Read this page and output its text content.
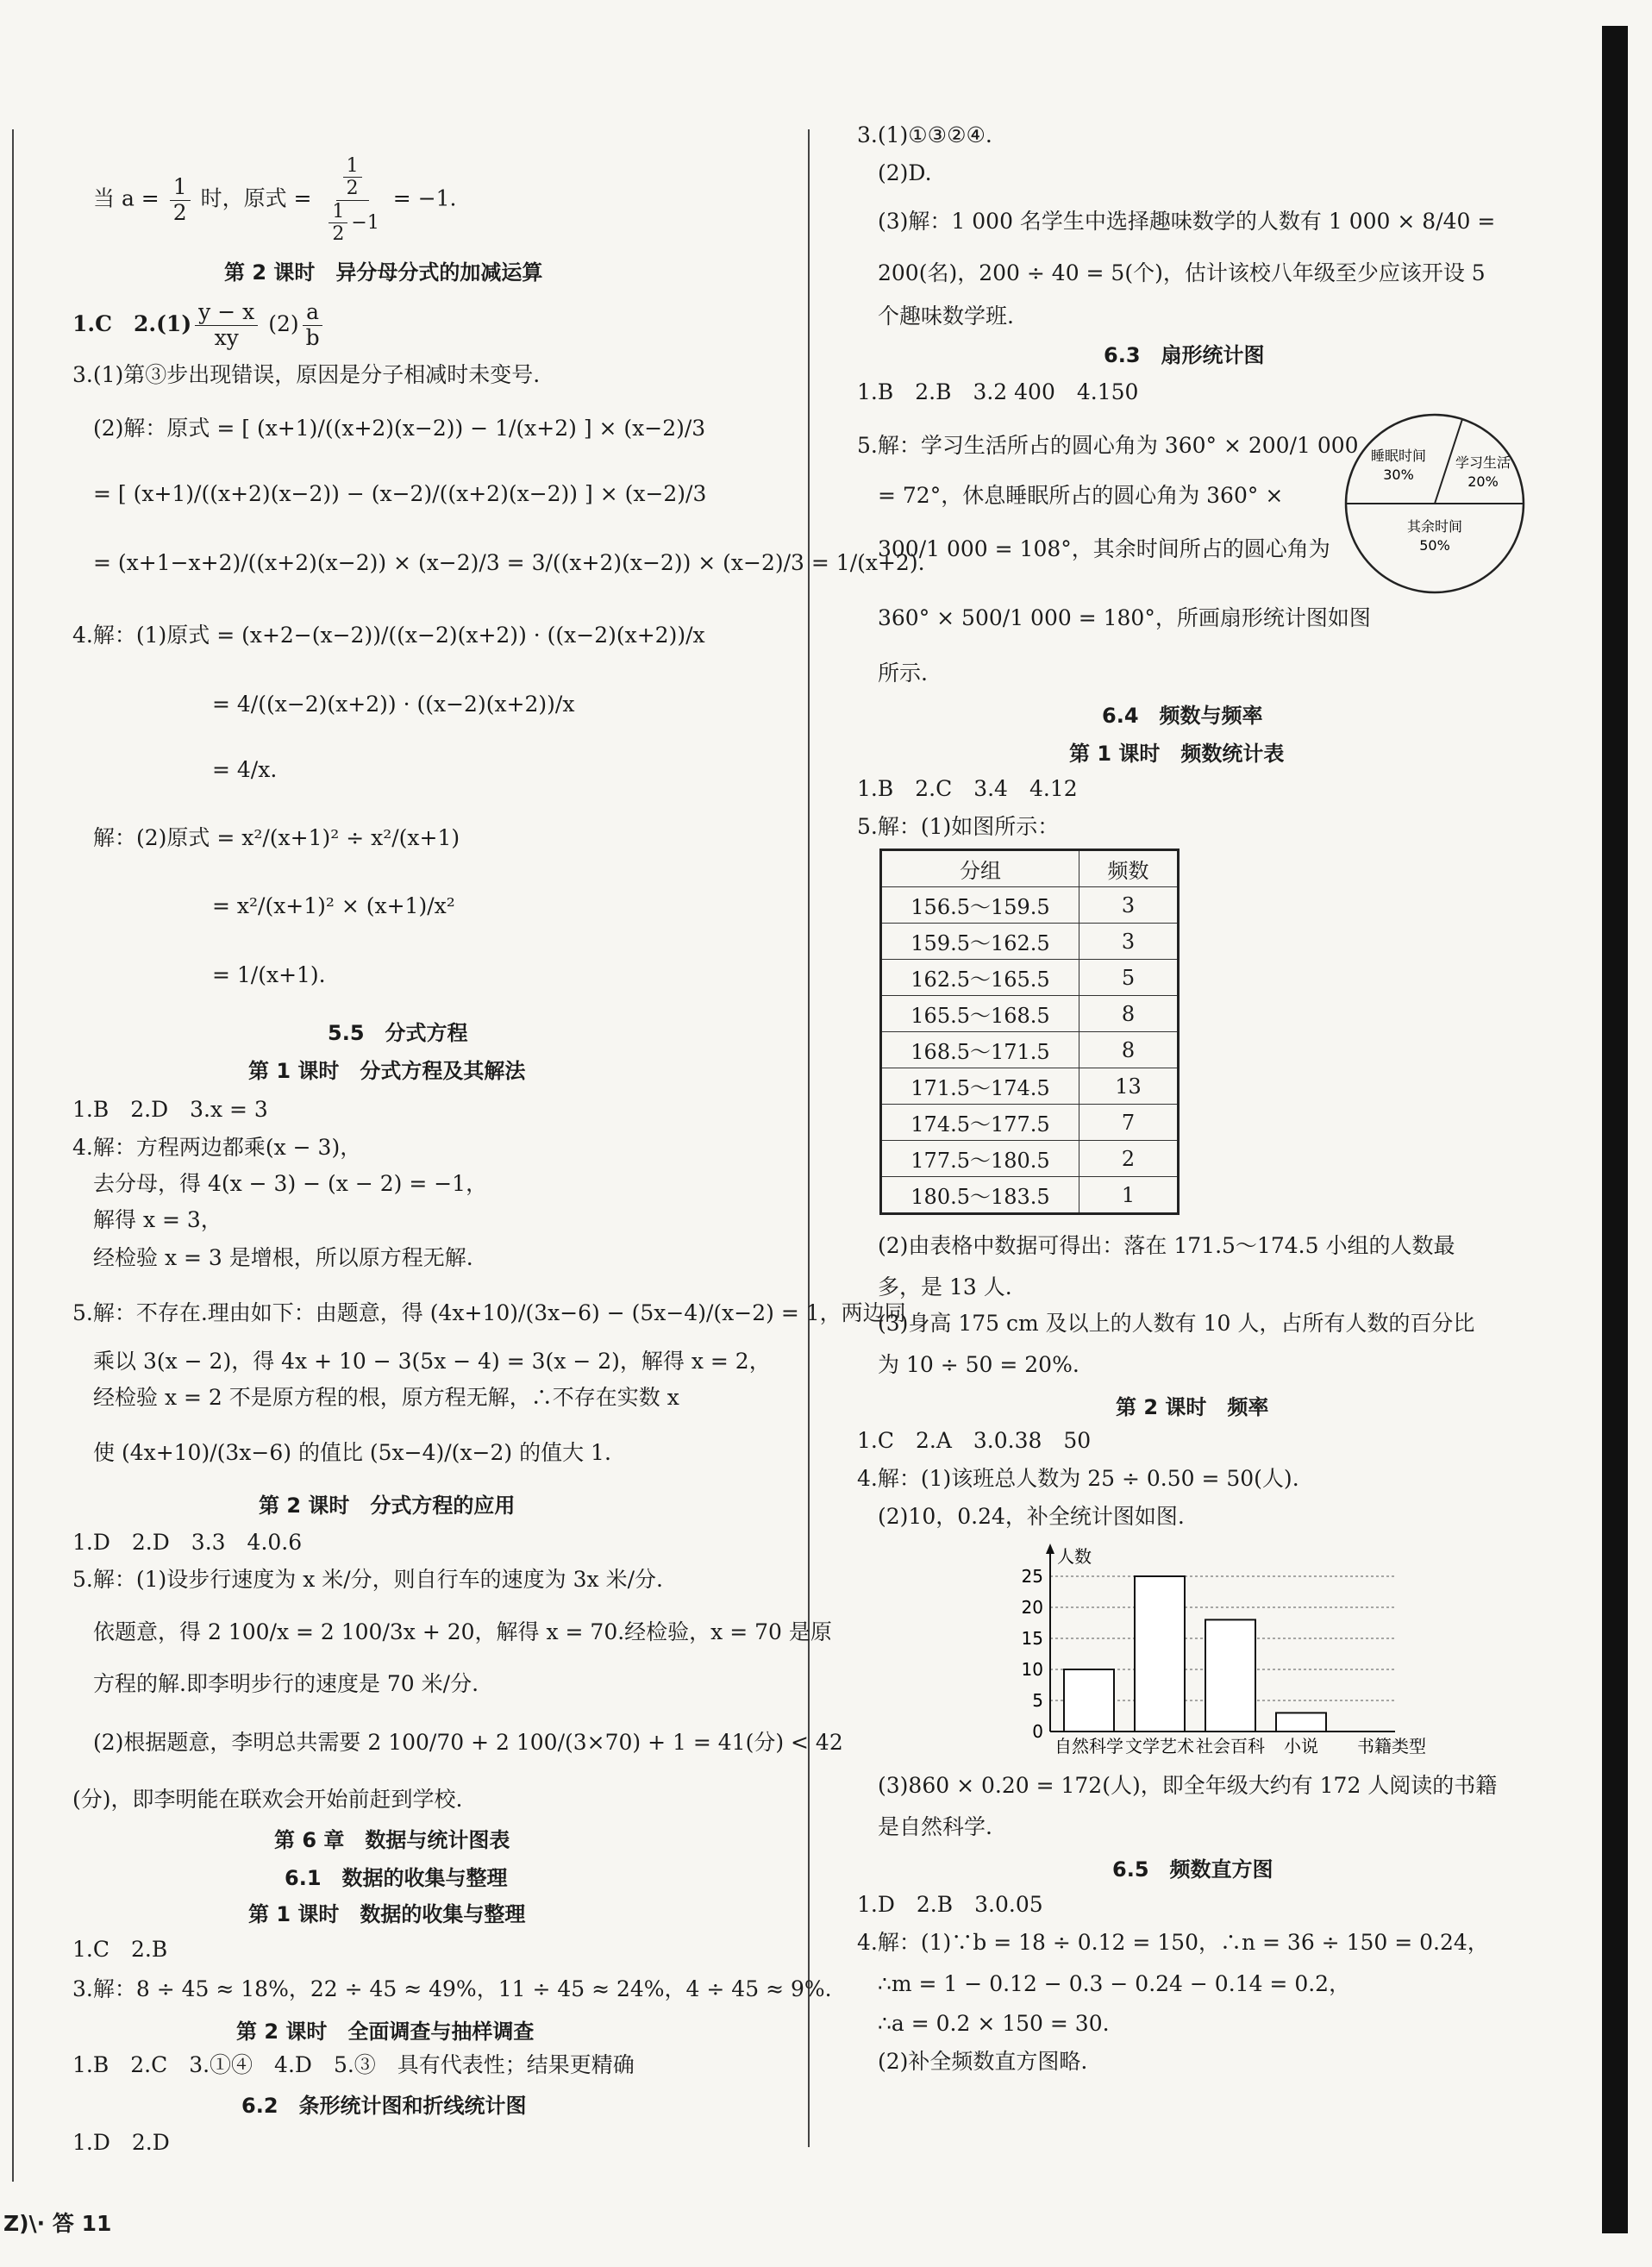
当 $a = \frac{1}{2}$ 时，原式 = $\frac{\frac{1}{2}}{\frac{1}{2} -1} = -1$.
第 2 课时　异分母分式的加减运算
1.C　$2.(1) \frac{y - x}{xy} (2) \frac{a}{b}$
3.(1)第③步出现错误，原因是分子相减时未变号.
(2)解：原式 = [ (x+1)/((x+2)(x−2)) − 1/(x+2) ] × (x−2)/3
= [ (x+1)/((x+2)(x−2)) − (x−2)/((x+2)(x−2)) ] × (x−2)/3
= (x+1−x+2)/((x+2)(x−2)) × (x−2)/3 = 3/((x+2)(x−2)) × (x−2)/3 = 1/(x+2).
4.解：(1)原式 = (x+2−(x−2))/((x−2)(x+2)) · ((x−2)(x+2))/x
= 4/((x−2)(x+2)) · ((x−2)(x+2))/x
= 4/x.
解：(2)原式 = x²/(x+1)² ÷ x²/(x+1)
= x²/(x+1)² × (x+1)/x²
= 1/(x+1).
5.5　分式方程
第 1 课时　分式方程及其解法
1.B　2.D　3.x = 3
4.解：方程两边都乘(x − 3)，
去分母，得 4(x − 3) − (x − 2) = −1，
解得 x = 3，
经检验 x = 3 是增根，所以原方程无解.
5.解：不存在.理由如下：由题意，得 (4x+10)/(3x−6) − (5x−4)/(x−2) = 1，两边同
乘以 3(x − 2)，得 4x + 10 − 3(5x − 4) = 3(x − 2)，解得 x = 2，
经检验 x = 2 不是原方程的根，原方程无解，∴不存在实数 x
使 (4x+10)/(3x−6) 的值比 (5x−4)/(x−2) 的值大 1.
第 2 课时　分式方程的应用
1.D　2.D　3.3　4.0.6
5.解：(1)设步行速度为 x 米/分，则自行车的速度为 3x 米/分.
依题意，得 2 100/x = 2 100/3x + 20，解得 x = 70.经检验，x = 70 是原
方程的解.即李明步行的速度是 70 米/分.
(2)根据题意，李明总共需要 2 100/70 + 2 100/(3×70) + 1 = 41(分) < 42
(分)，即李明能在联欢会开始前赶到学校.
第 6 章　数据与统计图表
6.1　数据的收集与整理
第 1 课时　数据的收集与整理
1.C　2.B
3.解：8 ÷ 45 ≈ 18%，22 ÷ 45 ≈ 49%，11 ÷ 45 ≈ 24%，4 ÷ 45 ≈ 9%.
第 2 课时　全面调查与抽样调查
1.B　2.C　3.①④　4.D　5.③　具有代表性；结果更精确
6.2　条形统计图和折线统计图
1.D　2.D
Z)\· 答 11
3.(1)①③②④.
(2)D.
(3)解：1 000 名学生中选择趣味数学的人数有 1 000 × 8/40 =
200(名)，200 ÷ 40 = 5(个)，估计该校八年级至少应该开设 5
个趣味数学班.
6.3　扇形统计图
1.B　2.B　3.2 400　4.150
5.解：学习生活所占的圆心角为 360° × 200/1 000
= 72°，休息睡眠所占的圆心角为 360° ×
300/1 000 = 108°，其余时间所占的圆心角为
360° × 500/1 000 = 180°，所画扇形统计图如图
所示.
睡眠时间
30%
学习生活
20%
其余时间
50%
6.4　频数与频率
第 1 课时　频数统计表
1.B　2.C　3.4　4.12
5.解：(1)如图所示：
分组	频数
156.5～159.5	3
159.5～162.5	3
162.5～165.5	5
165.5～168.5	8
168.5～171.5	8
171.5～174.5	13
174.5～177.5	7
177.5～180.5	2
180.5～183.5	1
(2)由表格中数据可得出：落在 171.5～174.5 小组的人数最
多，是 13 人.
(3)身高 175 cm 及以上的人数有 10 人，占所有人数的百分比
为 10 ÷ 50 = 20%.
第 2 课时　频率
1.C　2.A　3.0.38　50
4.解：(1)该班总人数为 25 ÷ 0.50 = 50(人).
(2)10，0.24，补全统计图如图.
0
5
10
15
20
25
人数
自然科学 文学艺术 社会百科 小说 书籍类型
(3)860 × 0.20 = 172(人)，即全年级大约有 172 人阅读的书籍
是自然科学.
6.5　频数直方图
1.D　2.B　3.0.05
4.解：(1)∵b = 18 ÷ 0.12 = 150，∴n = 36 ÷ 150 = 0.24，
∴m = 1 − 0.12 − 0.3 − 0.24 − 0.14 = 0.2，
∴a = 0.2 × 150 = 30.
(2)补全频数直方图略.
